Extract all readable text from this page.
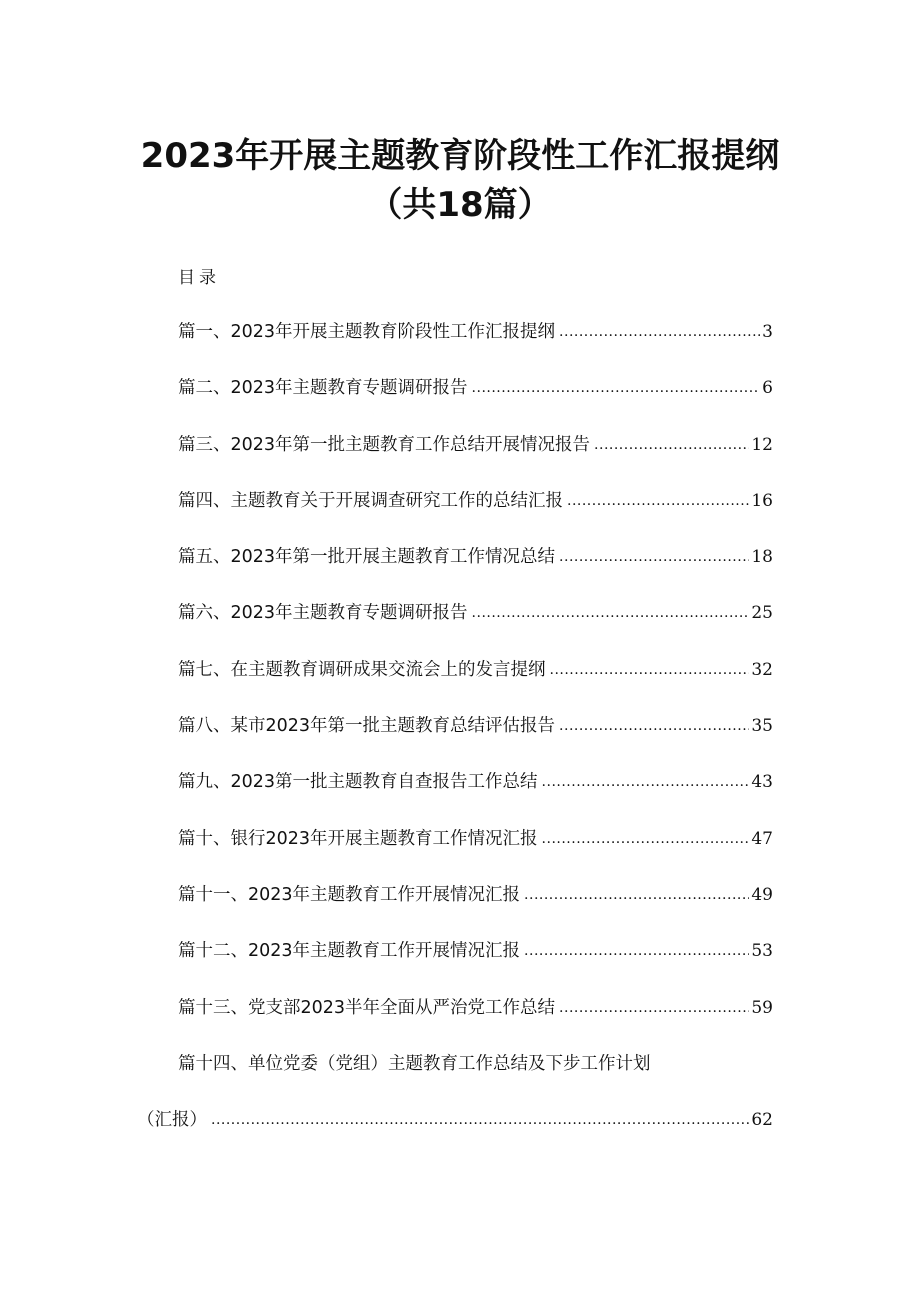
2023年开展主题教育阶段性工作汇报提纲
（共18篇）
目录
篇一、2023年开展主题教育阶段性工作汇报提纲 .....	3
篇二、2023年主题教育专题调研报告 .....	6
篇三、2023年第一批主题教育工作总结开展情况报告 .....	12
篇四、主题教育关于开展调查研究工作的总结汇报 .....	16
篇五、2023年第一批开展主题教育工作情况总结 .....	18
篇六、2023年主题教育专题调研报告 .....	25
篇七、在主题教育调研成果交流会上的发言提纲 .....	32
篇八、某市2023年第一批主题教育总结评估报告 .....	35
篇九、2023第一批主题教育自查报告工作总结 .....	43
篇十、银行2023年开展主题教育工作情况汇报 .....	47
篇十一、2023年主题教育工作开展情况汇报 .....	49
篇十二、2023年主题教育工作开展情况汇报 .....	53
篇十三、党支部2023半年全面从严治党工作总结 .....	59
篇十四、单位党委（党组）主题教育工作总结及下步工作计划
（汇报） .....	62
